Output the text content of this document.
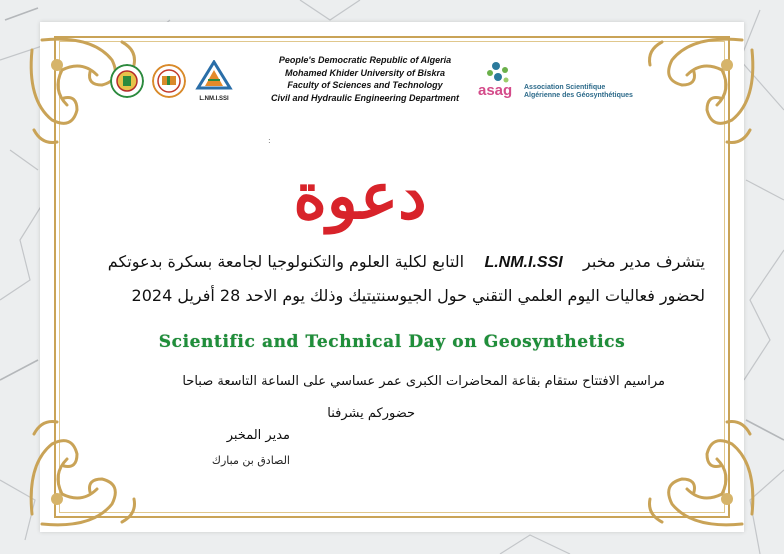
L.NM.I.SSI
People's Democratic Republic of Algeria
Mohamed Khider University of Biskra
Faculty of Sciences and Technology
Civil and Hydraulic Engineering Department	asag Association Scientifique
Algérienne des Géosynthétiques
:
دعوة
يتشرف مدير مخبر    L.NM.I.SSI    التابع لكلية العلوم والتكنولوجيا لجامعة بسكرة بدعوتكم
لحضور فعاليات اليوم العلمي التقني حول الجيوسنتيتيك وذلك يوم الاحد 28 أفريل 2024
Scientific and Technical Day on Geosynthetics
مراسيم الافتتاح ستقام بقاعة المحاضرات الكبرى عمر عساسي على الساعة التاسعة صباحا
حضوركم يشرفنا
مدير المخبر
الصادق بن مبارك
